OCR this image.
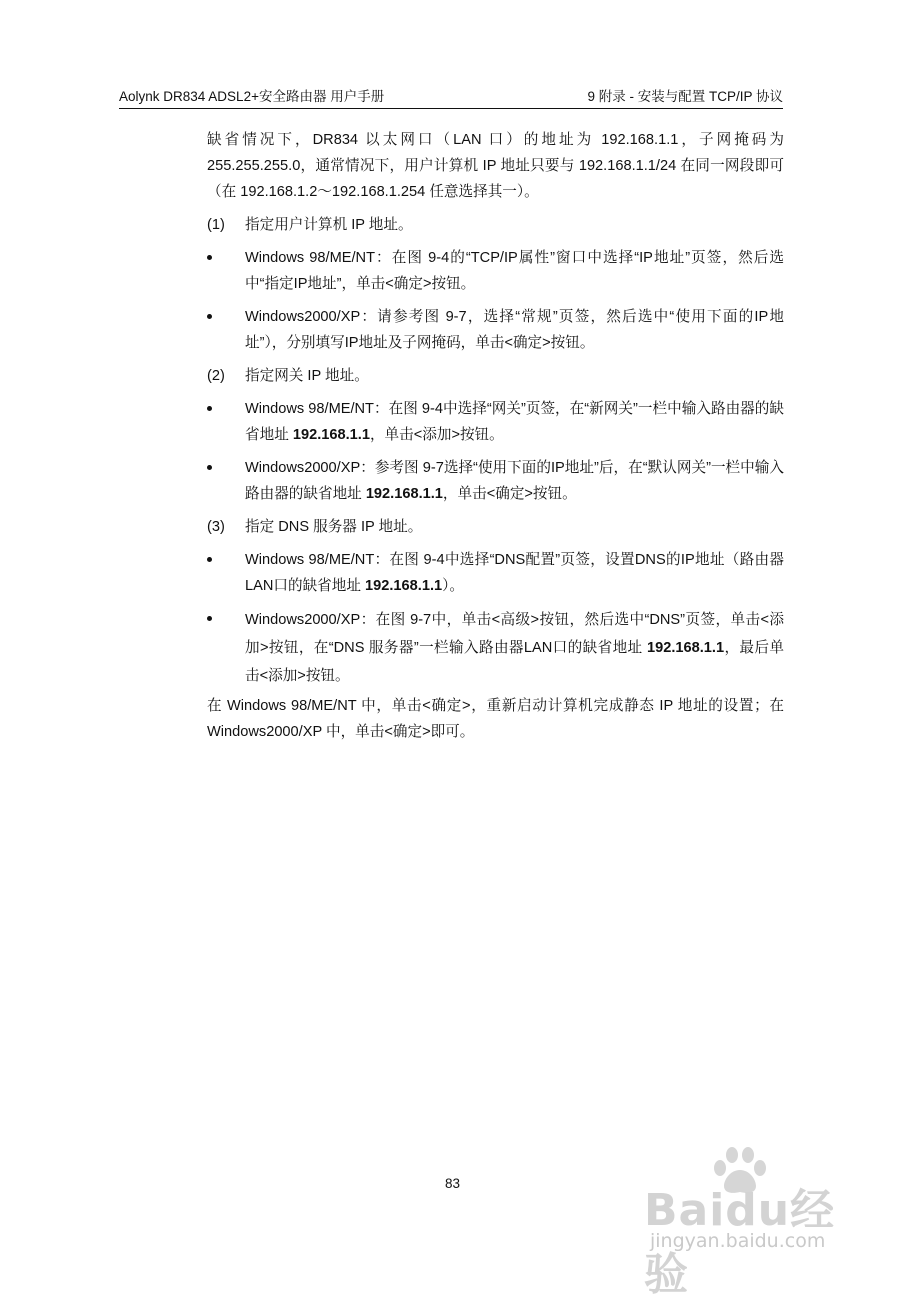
Aolynk DR834 ADSL2+安全路由器 用户手册	9 附录 - 安装与配置 TCP/IP 协议

缺省情况下，DR834 以太网口（LAN 口）的地址为 192.168.1.1，子网掩码为 255.255.255.0，通常情况下，用户计算机 IP 地址只要与 192.168.1.1/24 在同一网段即可（在 192.168.1.2～192.168.1.254 任意选择其一）。

(1)	指定用户计算机 IP 地址。
Windows 98/ME/NT：在图 9-4的“TCP/IP属性”窗口中选择“IP地址”页签，然后选中“指定IP地址”，单击<确定>按钮。
Windows2000/XP：请参考图 9-7，选择“常规”页签，然后选中“使用下面的IP地址”），分别填写IP地址及子网掩码，单击<确定>按钮。
(2)	指定网关 IP 地址。
Windows 98/ME/NT：在图 9-4中选择“网关”页签，在“新网关”一栏中输入路由器的缺省地址 192.168.1.1，单击<添加>按钮。
Windows2000/XP：参考图 9-7选择“使用下面的IP地址”后，在“默认网关”一栏中输入路由器的缺省地址 192.168.1.1，单击<确定>按钮。
(3)	指定 DNS 服务器 IP 地址。
Windows 98/ME/NT：在图 9-4中选择“DNS配置”页签，设置DNS的IP地址（路由器LAN口的缺省地址 192.168.1.1）。
Windows2000/XP：在图 9-7中，单击<高级>按钮，然后选中“DNS”页签，单击<添加>按钮，在“DNS 服务器”一栏输入路由器LAN口的缺省地址 192.168.1.1，最后单击<添加>按钮。

在 Windows 98/ME/NT 中，单击<确定>，重新启动计算机完成静态 IP 地址的设置；在 Windows2000/XP 中，单击<确定>即可。

83
Baidu经验
jingyan.baidu.com
